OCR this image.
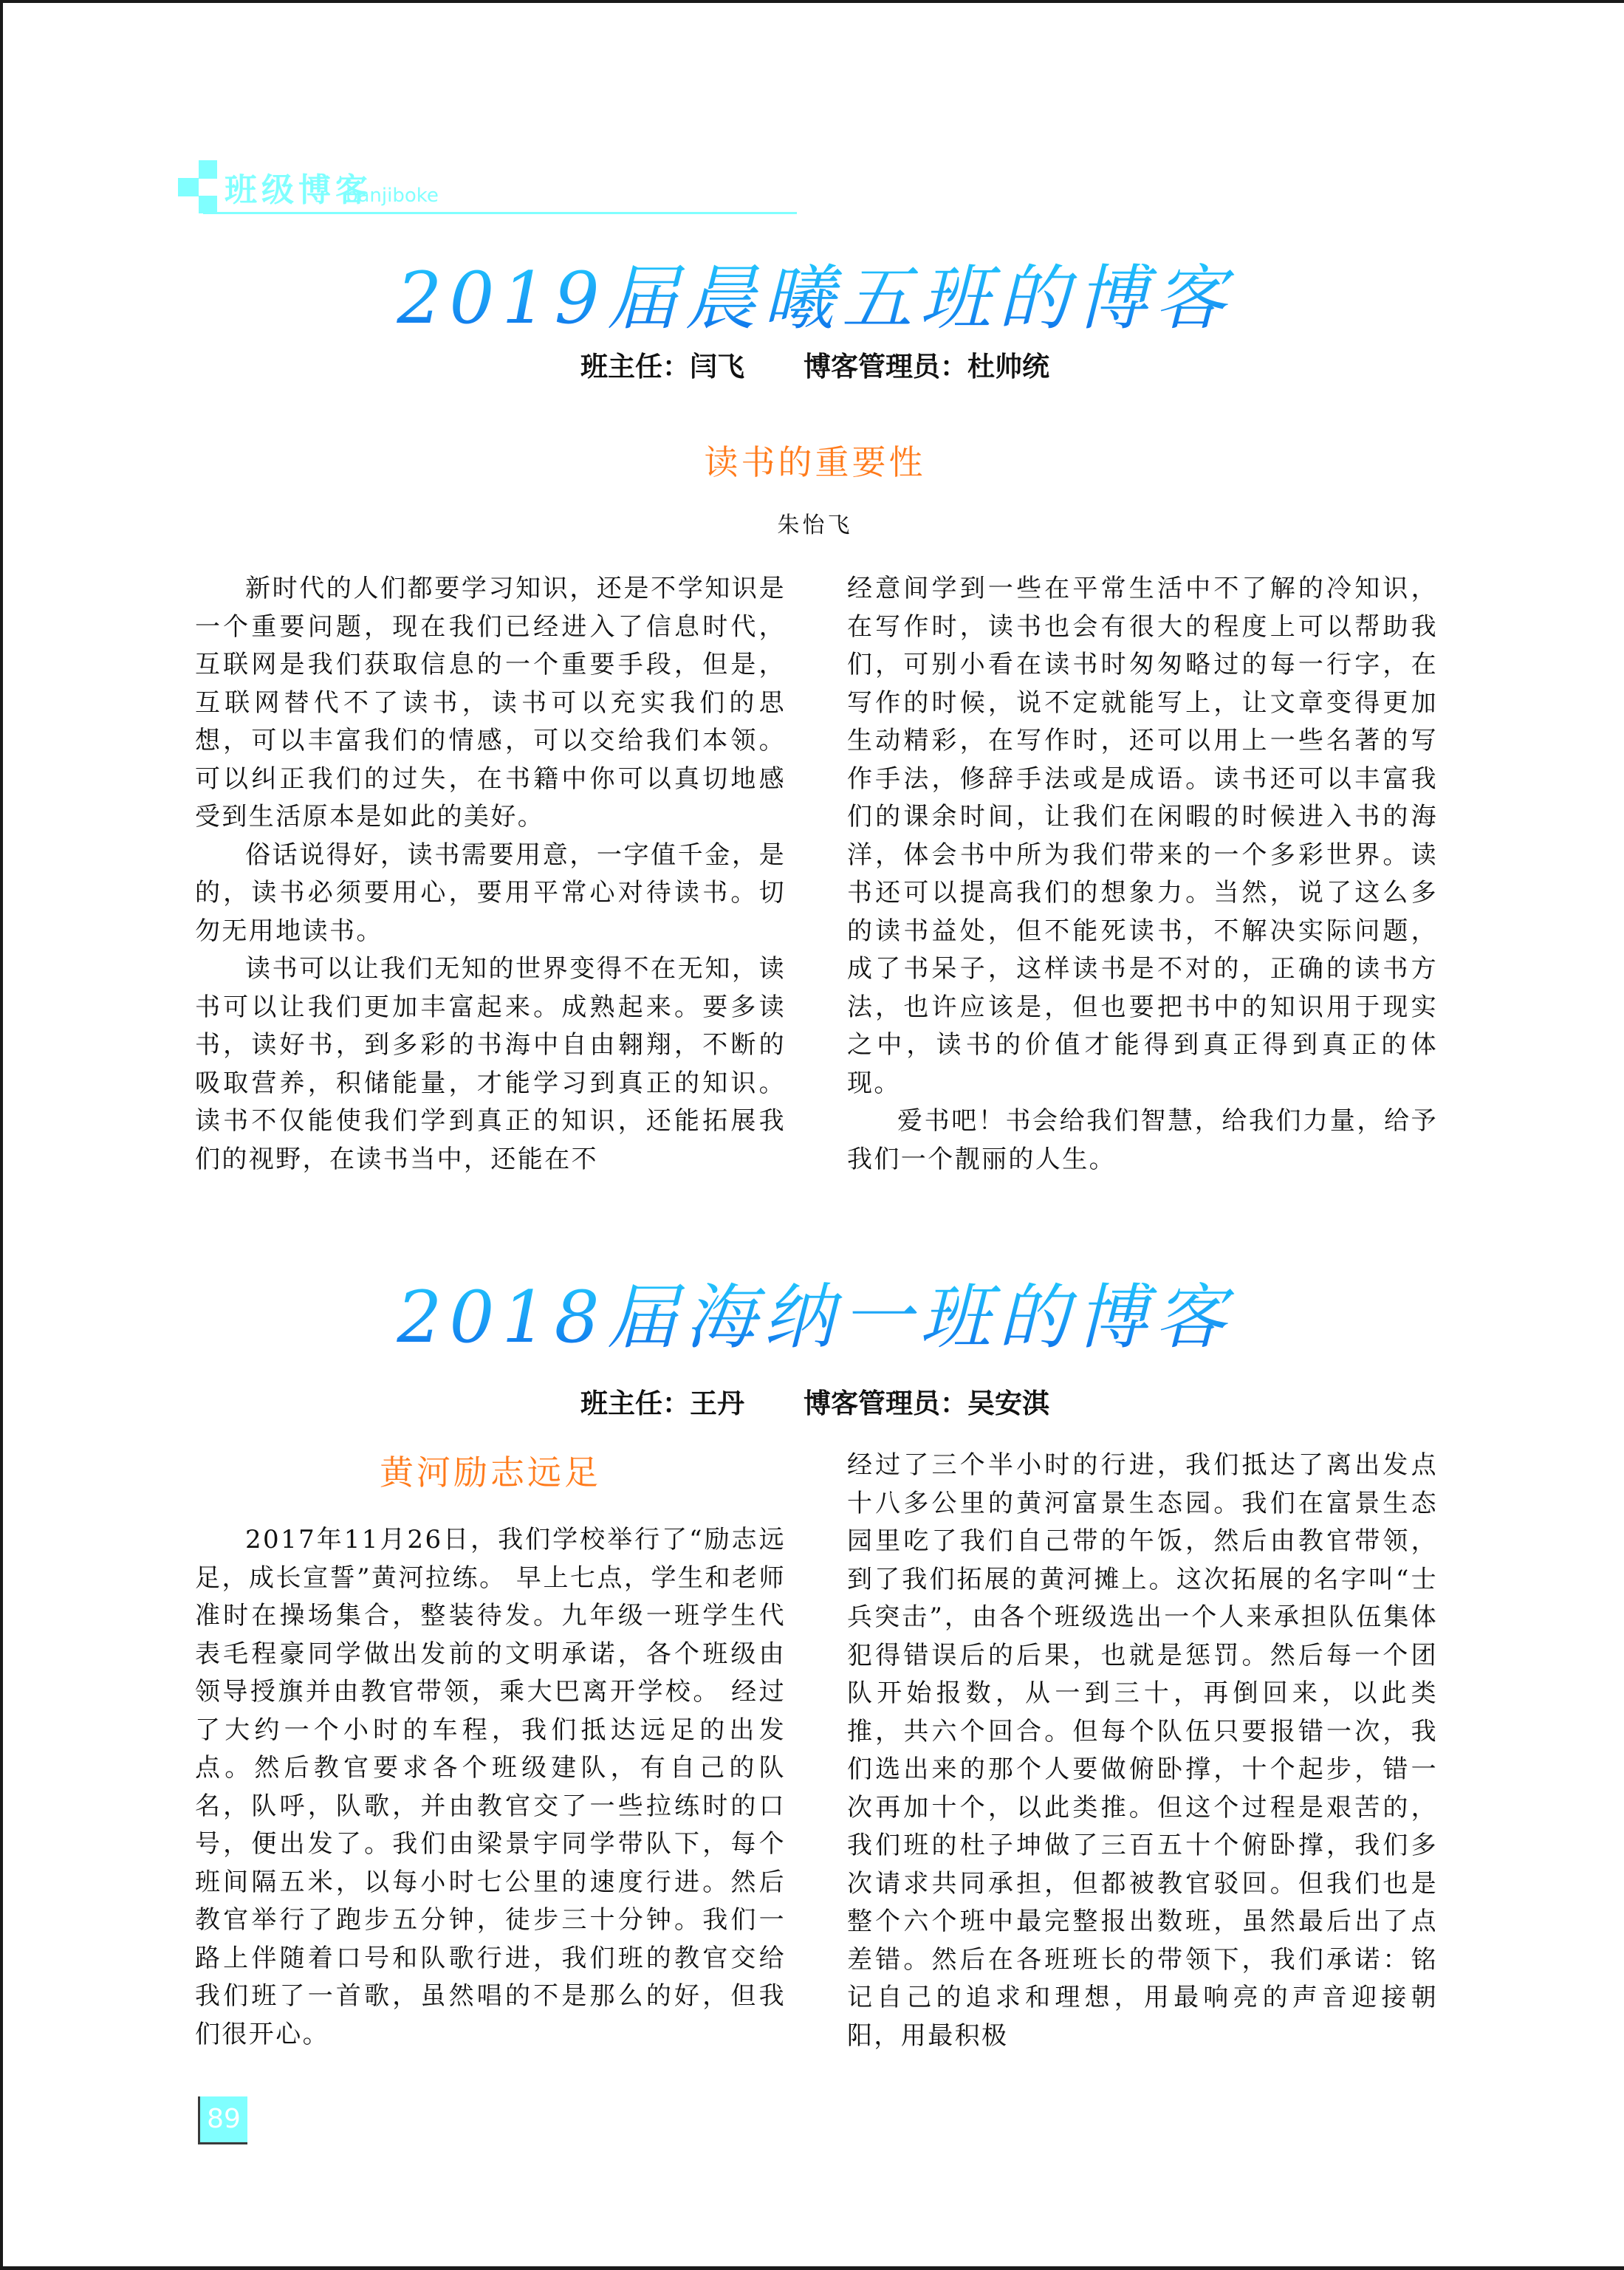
班级博客
banjiboke
2019届晨曦五班的博客
班主任：闫飞 博客管理员：杜帅统
读书的重要性
朱怡飞

新时代的人们都要学习知识，还是不学知识是一个重要问题，现在我们已经进入了信息时代，互联网是我们获取信息的一个重要手段，但是，互联网替代不了读书，读书可以充实我们的思想，可以丰富我们的情感，可以交给我们本领。可以纠正我们的过失，在书籍中你可以真切地感受到生活原本是如此的美好。

俗话说得好，读书需要用意，一字值千金，是的，读书必须要用心，要用平常心对待读书。切勿无用地读书。

读书可以让我们无知的世界变得不在无知，读书可以让我们更加丰富起来。成熟起来。要多读书，读好书，到多彩的书海中自由翱翔，不断的吸取营养，积储能量，才能学习到真正的知识。读书不仅能使我们学到真正的知识，还能拓展我们的视野，在读书当中，还能在不

经意间学到一些在平常生活中不了解的冷知识，在写作时，读书也会有很大的程度上可以帮助我们，可别小看在读书时匆匆略过的每一行字，在写作的时候，说不定就能写上，让文章变得更加生动精彩，在写作时，还可以用上一些名著的写作手法，修辞手法或是成语。读书还可以丰富我们的课余时间，让我们在闲暇的时候进入书的海洋，体会书中所为我们带来的一个多彩世界。读书还可以提高我们的想象力。当然，说了这么多的读书益处，但不能死读书，不解决实际问题，成了书呆子，这样读书是不对的，正确的读书方法，也许应该是，但也要把书中的知识用于现实之中，读书的价值才能得到真正得到真正的体现。

爱书吧！书会给我们智慧，给我们力量，给予我们一个靓丽的人生。

2018届海纳一班的博客
班主任：王丹 博客管理员：吴安淇
黄河励志远足

2017年11月26日，我们学校举行了“励志远足，成长宣誓”黄河拉练。 早上七点，学生和老师准时在操场集合，整装待发。九年级一班学生代表毛程豪同学做出发前的文明承诺，各个班级由领导授旗并由教官带领，乘大巴离开学校。 经过了大约一个小时的车程，我们抵达远足的出发点。然后教官要求各个班级建队，有自己的队名，队呼，队歌，并由教官交了一些拉练时的口号，便出发了。我们由梁景宇同学带队下，每个班间隔五米，以每小时七公里的速度行进。然后教官举行了跑步五分钟，徒步三十分钟。我们一路上伴随着口号和队歌行进，我们班的教官交给我们班了一首歌，虽然唱的不是那么的好，但我们很开心。

经过了三个半小时的行进，我们抵达了离出发点十八多公里的黄河富景生态园。我们在富景生态园里吃了我们自己带的午饭，然后由教官带领，到了我们拓展的黄河摊上。这次拓展的名字叫“士兵突击”，由各个班级选出一个人来承担队伍集体犯得错误后的后果，也就是惩罚。然后每一个团队开始报数，从一到三十，再倒回来，以此类推，共六个回合。但每个队伍只要报错一次，我们选出来的那个人要做俯卧撑，十个起步，错一次再加十个，以此类推。但这个过程是艰苦的，我们班的杜子坤做了三百五十个俯卧撑，我们多次请求共同承担，但都被教官驳回。但我们也是整个六个班中最完整报出数班，虽然最后出了点差错。然后在各班班长的带领下，我们承诺：铭记自己的追求和理想，用最响亮的声音迎接朝阳，用最积极

89
